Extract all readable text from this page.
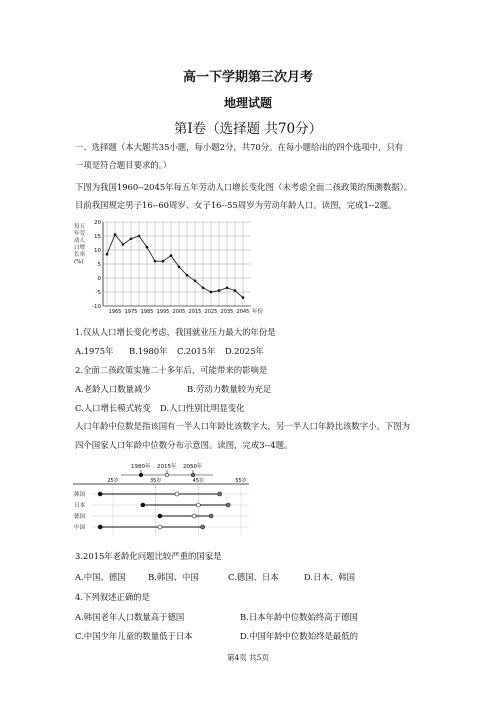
高一下学期第三次月考
地理试题
第Ⅰ卷（选择题 共70分）
一、选择题（本大题共35小题，每小题2分，共70分。在每小题给出的四个选项中，只有
一项是符合题目要求的。）
下图为我国1960--2045年每五年劳动人口增长变化图（未考虑全面二孩政策的预测数据）。
目前我国规定男子16--60周岁、女子16--55周岁为劳动年龄人口。读图，完成1--2题。
20
15
10
5
0
-5
-10
1965 1975 1985 1995 2005 2015 2025 2035 2045
每五
年劳
动人
口增
长率
(%)
年份
1.仅从人口增长变化考虑，我国就业压力最大的年份是
A.1975年 B.1980年 C.2015年 D.2025年
2.全面二孩政策实施二十多年后，可能带来的影响是
A.老龄人口数量减少	B.劳动力数量较为充足
C.人口增长模式转变 D.人口性别比明显变化
人口年龄中位数是指该国有一半人口年龄比该数字大，另一半人口年龄比该数字小。下图为
四个国家人口年龄中位数分布示意图。读图，完成3--4题。
1980年 2015年 2050年
25岁	35岁	45岁	55岁
韩国
日本
德国
中国
3.2015年老龄化问题比较严重的国家是
A.中国、德国	B.韩国、中国	C.德国、日本	D.日本、韩国
4.下列叙述正确的是
A.韩国老年人口数量高于德国	B.日本年龄中位数始终高于德国
C.中国少年儿童的数量低于日本	D.中国年龄中位数始终是最低的
第4页 共5页
